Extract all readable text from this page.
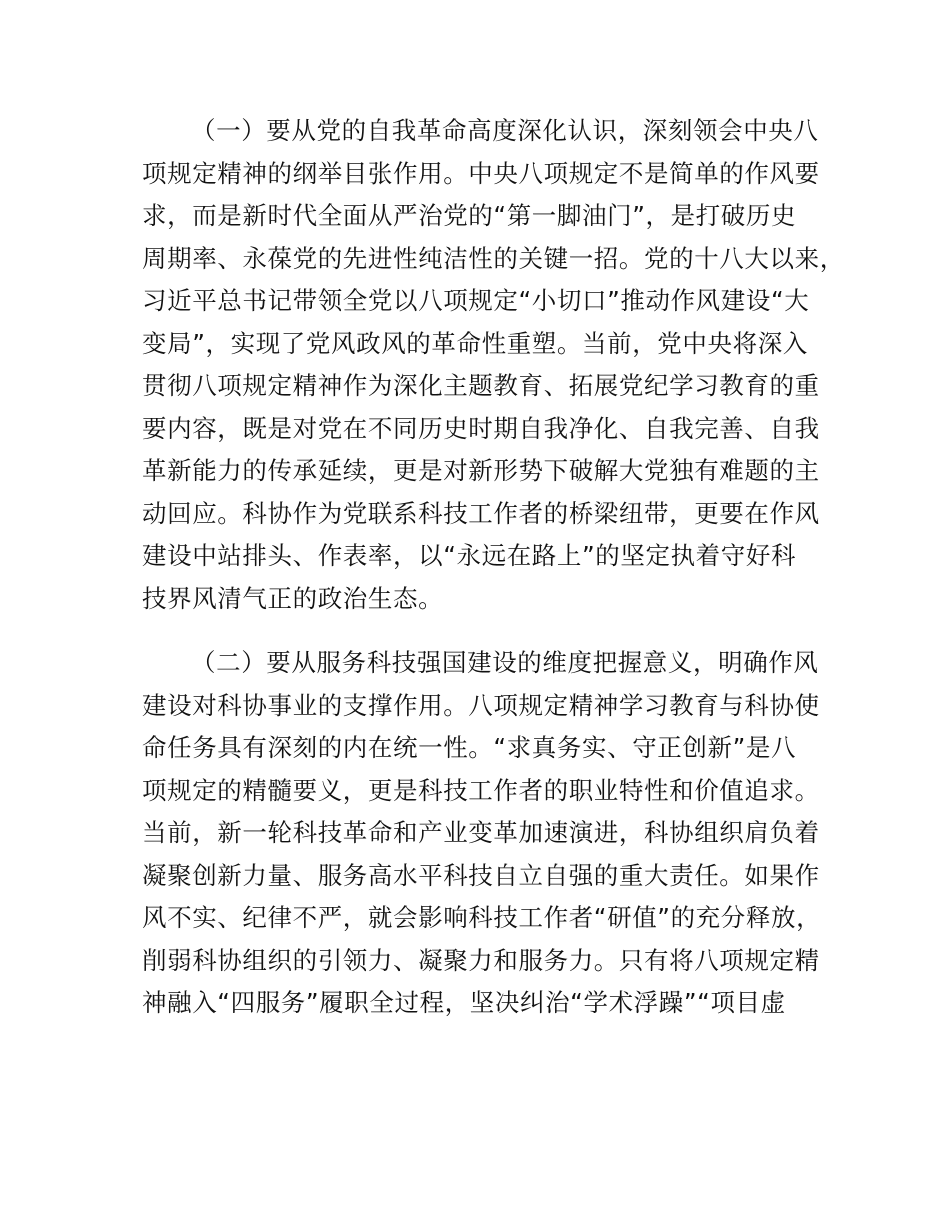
（一）要从党的自我革命高度深化认识，深刻领会中央八
项规定精神的纲举目张作用。中央八项规定不是简单的作风要
求，而是新时代全面从严治党的“第一脚油门”，是打破历史
周期率、永葆党的先进性纯洁性的关键一招。党的十八大以来，
习近平总书记带领全党以八项规定“小切口”推动作风建设“大
变局”，实现了党风政风的革命性重塑。当前，党中央将深入
贯彻八项规定精神作为深化主题教育、拓展党纪学习教育的重
要内容，既是对党在不同历史时期自我净化、自我完善、自我
革新能力的传承延续，更是对新形势下破解大党独有难题的主
动回应。科协作为党联系科技工作者的桥梁纽带，更要在作风
建设中站排头、作表率，以“永远在路上”的坚定执着守好科
技界风清气正的政治生态。
（二）要从服务科技强国建设的维度把握意义，明确作风
建设对科协事业的支撑作用。八项规定精神学习教育与科协使
命任务具有深刻的内在统一性。“求真务实、守正创新”是八
项规定的精髓要义，更是科技工作者的职业特性和价值追求。
当前，新一轮科技革命和产业变革加速演进，科协组织肩负着
凝聚创新力量、服务高水平科技自立自强的重大责任。如果作
风不实、纪律不严，就会影响科技工作者“研值”的充分释放，
削弱科协组织的引领力、凝聚力和服务力。只有将八项规定精
神融入“四服务”履职全过程，坚决纠治“学术浮躁”“项目虚
